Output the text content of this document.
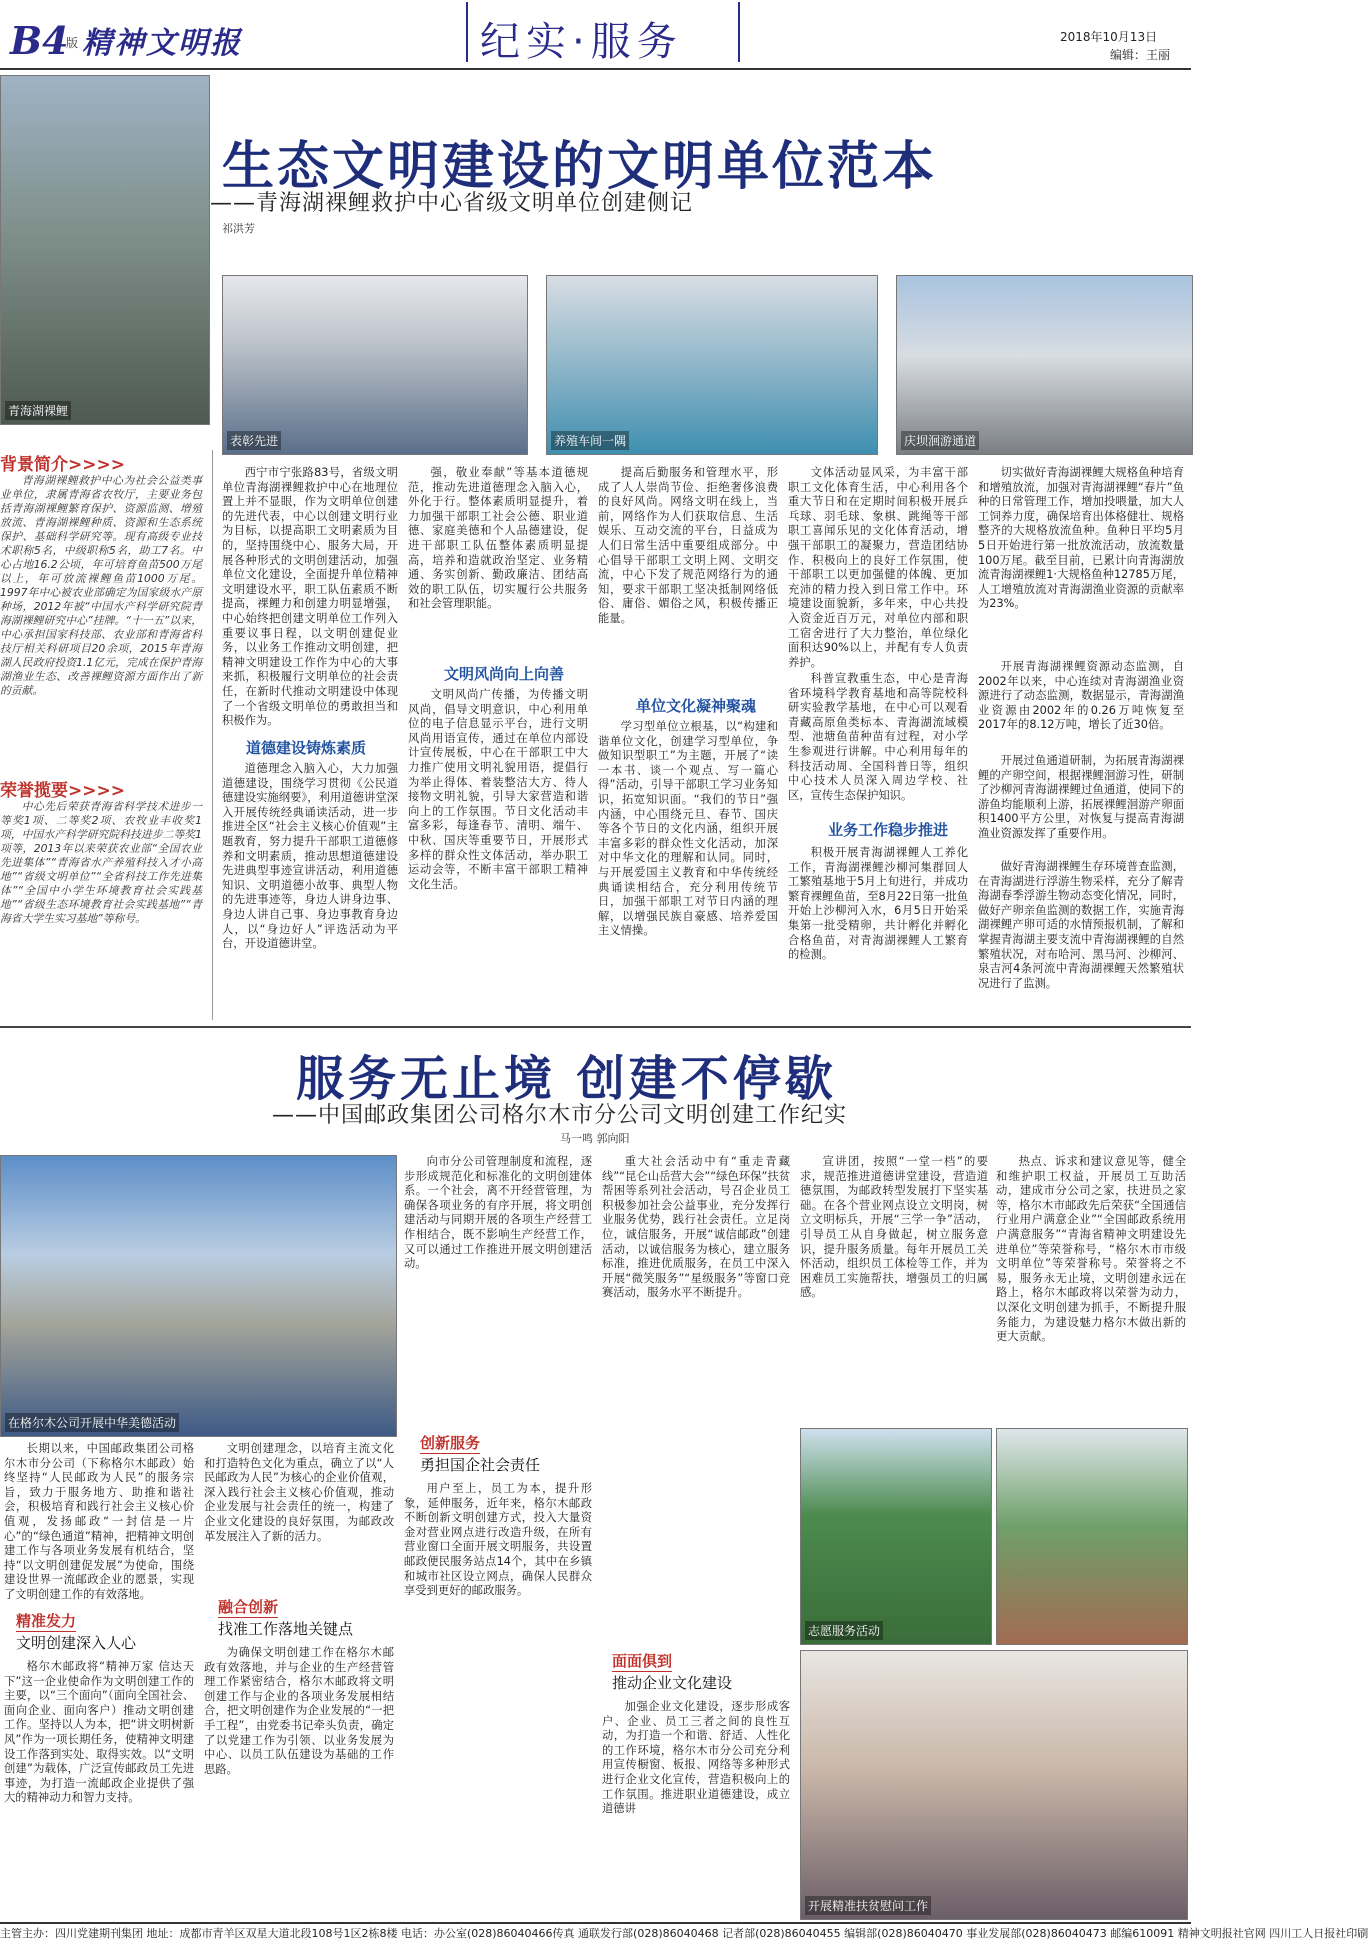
B4
版 精神文明报	纪实·服务	2018年10月13日
编辑：王丽
生态文明建设的文明单位范本
——青海湖裸鲤救护中心省级文明单位创建侧记
祁洪芳
青海湖裸鲤
表彰先进	养殖车间一隅	庆坝洄游通道
背景简介>>>>

青海湖裸鲤救护中心为社会公益类事业单位，隶属青海省农牧厅，主要业务包括青海湖裸鲤繁育保护、资源监测、增殖放流、青海湖裸鲤种质、资源和生态系统保护、基础科学研究等。现有高级专业技术职称5名，中级职称5名，助工7名。中心占地16.2公顷，年可培育鱼苗500万尾以上，年可放流裸鲤鱼苗1000万尾。1997年中心被农业部确定为国家级水产原种场，2012年被“中国水产科学研究院青海湖裸鲤研究中心”挂牌。“十一五”以来，中心承担国家科技部、农业部和青海省科技厅相关科研项目20余项，2015年青海湖人民政府投资1.1亿元，完成在保护青海湖渔业生态、改善裸鲤资源方面作出了新的贡献。

荣誉揽要>>>>

中心先后荣获青海省科学技术进步一等奖1项、二等奖2项、农牧业丰收奖1项，中国水产科学研究院科技进步二等奖1项等，2013年以来荣获农业部“全国农业先进集体”“青海省水产养殖科技入才小高地”“省级文明单位”“全省科技工作先进集体”“全国中小学生环境教育社会实践基地”“省级生态环境教育社会实践基地”“青海省大学生实习基地”等称号。

西宁市宁张路83号，省级文明单位青海湖裸鲤救护中心在地理位置上并不显眼，作为文明单位创建的先进代表，中心以创建文明行业为目标，以提高职工文明素质为目的，坚持围绕中心、服务大局，开展各种形式的文明创建活动，加强单位文化建设，全面提升单位精神文明建设水平，职工队伍素质不断提高，裸鲤力和创建力明显增强，中心始终把创建文明单位工作列入重要议事日程，以文明创建促业务，以业务工作推动文明创建，把精神文明建设工作作为中心的大事来抓，积极履行文明单位的社会责任，在新时代推动文明建设中体现了一个省级文明单位的勇敢担当和积极作为。

道德建设铸炼素质

道德理念入脑入心，大力加强道德建设，围绕学习贯彻《公民道德建设实施纲要》，利用道德讲堂深入开展传统经典诵读活动，进一步推进全区“社会主义核心价值观”主题教育，努力提升干部职工道德修养和文明素质，推动思想道德建设先进典型事迹宣讲活动，利用道德知识、文明道德小故事、典型人物的先进事迹等，身边人讲身边事、身边人讲自己事、身边事教育身边人，以“身边好人”评选活动为平台，开设道德讲堂。

强，敬业奉献”等基本道德规范，推动先进道德理念入脑入心，外化于行。整体素质明显提升，着力加强干部职工社会公德、职业道德、家庭美德和个人品德建设，促进干部职工队伍整体素质明显提高，培养和造就政治坚定、业务精通、务实创新、勤政廉洁、团结高效的职工队伍，切实履行公共服务和社会管理职能。

文明风尚向上向善

文明风尚广传播，为传播文明风尚，倡导文明意识，中心利用单位的电子信息显示平台，进行文明风尚用语宣传，通过在单位内部设计宣传展板，中心在干部职工中大力推广使用文明礼貌用语，提倡行为举止得体、着装整洁大方、待人接物文明礼貌，引导大家营造和谐向上的工作氛围。节日文化活动丰富多彩，每逢春节、清明、端午、中秋、国庆等重要节日，开展形式多样的群众性文体活动，举办职工运动会等，不断丰富干部职工精神文化生活。

提高后勤服务和管理水平，形成了人人崇尚节俭、拒绝奢侈浪费的良好风尚。网络文明在线上，当前，网络作为人们获取信息、生活娱乐、互动交流的平台，日益成为人们日常生活中重要组成部分。中心倡导干部职工文明上网、文明交流，中心下发了规范网络行为的通知，要求干部职工坚决抵制网络低俗、庸俗、媚俗之风，积极传播正能量。

单位文化凝神聚魂

学习型单位立根基，以“构建和谐单位文化，创建学习型单位，争做知识型职工”为主题，开展了“读一本书、谈一个观点、写一篇心得”活动，引导干部职工学习业务知识，拓宽知识面。“我们的节日”强内涵，中心围绕元旦、春节、国庆等各个节日的文化内涵，组织开展丰富多彩的群众性文化活动，加深对中华文化的理解和认同。同时，与开展爱国主义教育和中华传统经典诵读相结合，充分利用传统节日，加强干部职工对节日内涵的理解，以增强民族自豪感、培养爱国主义情操。

文体活动显风采，为丰富干部职工文化体育生活，中心利用各个重大节日和在定期时间积极开展乒乓球、羽毛球、象棋、跳绳等干部职工喜闻乐见的文化体育活动，增强干部职工的凝聚力，营造团结协作、积极向上的良好工作氛围，使干部职工以更加强健的体魄、更加充沛的精力投入到日常工作中。环境建设面貌新，多年来，中心共投入资金近百万元，对单位内部和职工宿舍进行了大力整治，单位绿化面积达90%以上，并配有专人负责养护。

科普宣教重生态，中心是青海省环境科学教育基地和高等院校科研实验教学基地，在中心可以观看青藏高原鱼类标本、青海湖流域模型、池塘鱼苗种苗有过程，对小学生参观进行讲解。中心利用每年的科技活动周、全国科普日等，组织中心技术人员深入周边学校、社区，宣传生态保护知识。

业务工作稳步推进

积极开展青海湖裸鲤人工养化工作，青海湖裸鲤沙柳河集群回人工繁殖基地于5月上旬进行，并成功繁育裸鲤鱼苗，至8月22日第一批鱼开始上沙柳河入水，6月5日开始采集第一批受精卵，共计孵化并孵化合格鱼苗，对青海湖裸鲤人工繁育的检测。

切实做好青海湖裸鲤大规格鱼种培育和增殖放流，加强对青海湖裸鲤“春片”鱼种的日常管理工作，增加投喂量，加大人工饲养力度，确保培育出体格健壮、规格整齐的大规格放流鱼种。鱼种日平均5月5日开始进行第一批放流活动，放流数量100万尾。截至目前，已累计向青海湖放流青海湖裸鲤1·大规格鱼种12785万尾，人工增殖放流对青海湖渔业资源的贡献率为23%。

开展青海湖裸鲤资源动态监测，自2002年以来，中心连续对青海湖渔业资源进行了动态监测，数据显示，青海湖渔业资源由2002年的0.26万吨恢复至2017年的8.12万吨，增长了近30倍。

开展过鱼通道研制，为拓展青海湖裸鲤的产卵空间，根据裸鲤洄游习性，研制了沙柳河青海湖裸鲤过鱼通道，使同下的游鱼均能顺利上游，拓展裸鲤洄游产卵面积1400平方公里，对恢复与提高青海湖渔业资源发挥了重要作用。

做好青海湖裸鲤生存环境普查监测，在青海湖进行浮游生物采样，充分了解青海湖春季浮游生物动态变化情况，同时，做好产卵亲鱼监测的数据工作，实施青海湖裸鲤产卵可适的水情预报机制，了解和掌握青海湖主要支流中青海湖裸鲤的自然繁殖状况，对布哈河、黑马河、沙柳河、泉吉河4条河流中青海湖裸鲤天然繁殖状况进行了监测。

服务无止境 创建不停歇
——中国邮政集团公司格尔木市分公司文明创建工作纪实
马一鸣 郭向阳
在格尔木公司开展中华美德活动

长期以来，中国邮政集团公司格尔木市分公司（下称格尔木邮政）始终坚持“人民邮政为人民”的服务宗旨，致力于服务地方、助推和谐社会，积极培育和践行社会主义核心价值观，发扬邮政“一封信是一片心”的“绿色通道”精神，把精神文明创建工作与各项业务发展有机结合，坚持“以文明创建促发展”为使命，围绕建设世界一流邮政企业的愿景，实现了文明创建工作的有效落地。

精准发力
文明创建深入人心

格尔木邮政将“精神万家 信达天下”这一企业使命作为文明创建工作的主要，以“三个面向”（面向全国社会、面向企业、面向客户）推动文明创建工作。坚持以人为本，把“讲文明树新风”作为一项长期任务，使精神文明建设工作落到实处、取得实效。以“文明创建”为载体，广泛宣传邮政员工先进事迹，为打造一流邮政企业提供了强大的精神动力和智力支持。

文明创建理念，以培育主流文化和打造特色文化为重点，确立了以“人民邮政为人民”为核心的企业价值观，深入践行社会主义核心价值观，推动企业发展与社会责任的统一，构建了企业文化建设的良好氛围，为邮政改革发展注入了新的活力。

融合创新
找准工作落地关键点

为确保文明创建工作在格尔木邮政有效落地，并与企业的生产经营管理工作紧密结合，格尔木邮政将文明创建工作与企业的各项业务发展相结合，把文明创建作为企业发展的“一把手工程”，由党委书记牵头负责，确定了以党建工作为引领、以业务发展为中心、以员工队伍建设为基础的工作思路。

向市分公司管理制度和流程，逐步形成规范化和标准化的文明创建体系。一个社会，离不开经营管理，为确保各项业务的有序开展，将文明创建活动与同期开展的各项生产经营工作相结合，既不影响生产经营工作，又可以通过工作推进开展文明创建活动。

创新服务
勇担国企社会责任

用户至上，员工为本，提升形象，延伸服务，近年来，格尔木邮政不断创新文明创建方式，投入大量资金对营业网点进行改造升级，在所有营业窗口全面开展文明服务，共设置邮政便民服务站点14个，其中在乡镇和城市社区设立网点，确保人民群众享受到更好的邮政服务。

重大社会活动中有“重走青藏线”“昆仑山岳营大会”“绿色环保”扶贫帮困等系列社会活动，号召企业员工积极参加社会公益事业，充分发挥行业服务优势，践行社会责任。立足岗位，诚信服务，开展“诚信邮政”创建活动，以诚信服务为核心，建立服务标准，推进优质服务，在员工中深入开展“微笑服务”“星级服务”等窗口竞赛活动，服务水平不断提升。

宣讲团，按照“一堂一档”的要求，规范推进道德讲堂建设，营造道德氛围，为邮政转型发展打下坚实基础。在各个营业网点设立文明岗，树立文明标兵，开展“三学一争”活动，引导员工从自身做起，树立服务意识，提升服务质量。每年开展员工关怀活动，组织员工体检等工作，并为困难员工实施帮扶，增强员工的归属感。

热点、诉求和建议意见等，健全和维护职工权益，开展员工互助活动，建成市分公司之家，扶进员之家等，格尔木市邮政先后荣获“全国通信行业用户满意企业”“全国邮政系统用户满意服务”“青海省精神文明建设先进单位”等荣誉称号，“格尔木市市级文明单位”等荣誉称号。荣誉将之不易，服务永无止境，文明创建永远在路上，格尔木邮政将以荣誉为动力，以深化文明创建为抓手，不断提升服务能力，为建设魅力格尔木做出新的更大贡献。

志愿服务活动
面面俱到
推动企业文化建设

加强企业文化建设，逐步形成客户、企业、员工三者之间的良性互动，为打造一个和谐、舒适、人性化的工作环境，格尔木市分公司充分利用宣传橱窗、板报、网络等多种形式进行企业文化宣传，营造积极向上的工作氛围。推进职业道德建设，成立道德讲

开展精准扶贫慰问工作
主管主办：四川党建期刊集团 地址：成都市青羊区双星大道北段108号1区2栋8楼 电话：办公室(028)86040466传真 通联发行部(028)86040468 记者部(028)86040455 编辑部(028)86040470 事业发展部(028)86040473 邮编610091 精神文明报社官网 四川工人日报社印刷
